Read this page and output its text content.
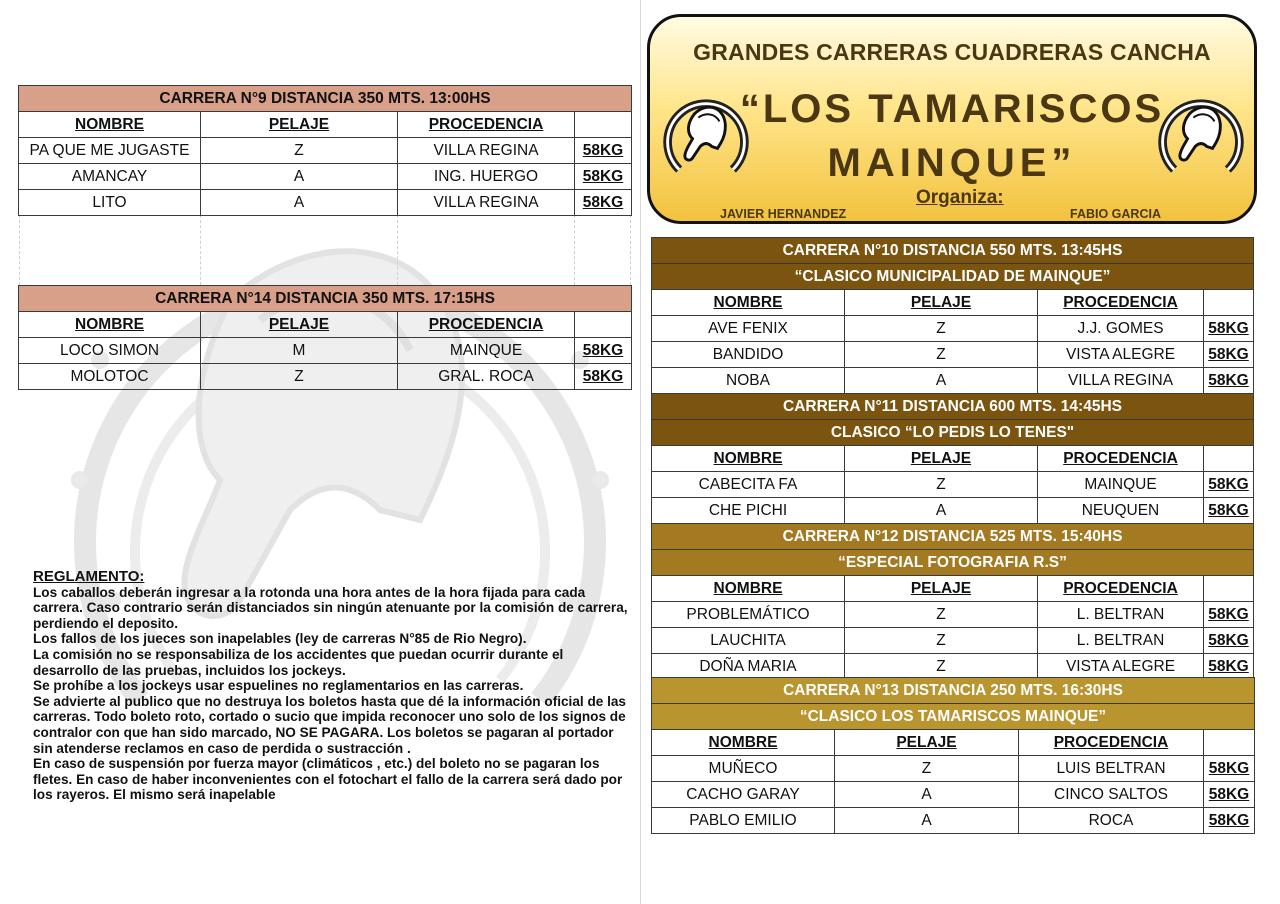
CARRERA N°9 DISTANCIA 350 MTS. 13:00HS			
NOMBRE	PELAJE	PROCEDENCIA	
PA QUE ME JUGASTE	Z	VILLA REGINA	58KG
AMANCAY	A	ING. HUERGO	58KG
LITO	A	VILLA REGINA	58KG
CARRERA N°14 DISTANCIA 350 MTS. 17:15HS			
NOMBRE	PELAJE	PROCEDENCIA	
LOCO SIMON	M	MAINQUE	58KG
MOLOTOC	Z	GRAL. ROCA	58KG

REGLAMENTO:

Los caballos deberán ingresar a la rotonda una hora antes de la hora fijada para cada carrera. Caso contrario serán distanciados sin ningún atenuante por la comisión de carrera, perdiendo el deposito.

Los fallos de los jueces son inapelables (ley de carreras N°85 de Rio Negro).

La comisión no se responsabiliza de los accidentes que puedan ocurrir durante el desarrollo de las pruebas, incluidos los jockeys.

Se prohíbe a los jockeys usar espuelines no reglamentarios en las carreras.

Se advierte al publico que no destruya los boletos hasta que dé la información oficial de las carreras. Todo boleto roto, cortado o sucio que impida reconocer uno solo de los signos de contralor con que han sido marcado, NO SE PAGARA. Los boletos se pagaran al portador sin atenderse reclamos en caso de perdida o sustracción .

En caso de suspensión por fuerza mayor (climáticos , etc.) del boleto no se pagaran los fletes. En caso de haber inconvenientes con el fotochart el fallo de la carrera será dado por los rayeros. El mismo será inapelable

GRANDES CARRERAS CUADRERAS CANCHA
“LOS TAMARISCOS
MAINQUE”
Organiza:
JAVIER HERNANDEZ	FABIO GARCIA
CARRERA N°10 DISTANCIA 550 MTS. 13:45HS			
“CLASICO MUNICIPALIDAD DE MAINQUE”			
NOMBRE	PELAJE	PROCEDENCIA	
AVE FENIX	Z	J.J. GOMES	58KG
BANDIDO	Z	VISTA ALEGRE	58KG
NOBA	A	VILLA REGINA	58KG
CARRERA N°11 DISTANCIA 600 MTS. 14:45HS			
CLASICO “LO PEDIS LO TENES"			
NOMBRE	PELAJE	PROCEDENCIA	
CABECITA FA	Z	MAINQUE	58KG
CHE PICHI	A	NEUQUEN	58KG
CARRERA N°12 DISTANCIA 525 MTS. 15:40HS			
“ESPECIAL FOTOGRAFIA R.S”			
NOMBRE	PELAJE	PROCEDENCIA	
PROBLEMÁTICO	Z	L. BELTRAN	58KG
LAUCHITA	Z	L. BELTRAN	58KG
DOÑA MARIA	Z	VISTA ALEGRE	58KG
CARRERA N°13 DISTANCIA 250 MTS. 16:30HS			
“CLASICO LOS TAMARISCOS MAINQUE”			
NOMBRE	PELAJE	PROCEDENCIA	
MUÑECO	Z	LUIS BELTRAN	58KG
CACHO GARAY	A	CINCO SALTOS	58KG
PABLO EMILIO	A	ROCA	58KG
